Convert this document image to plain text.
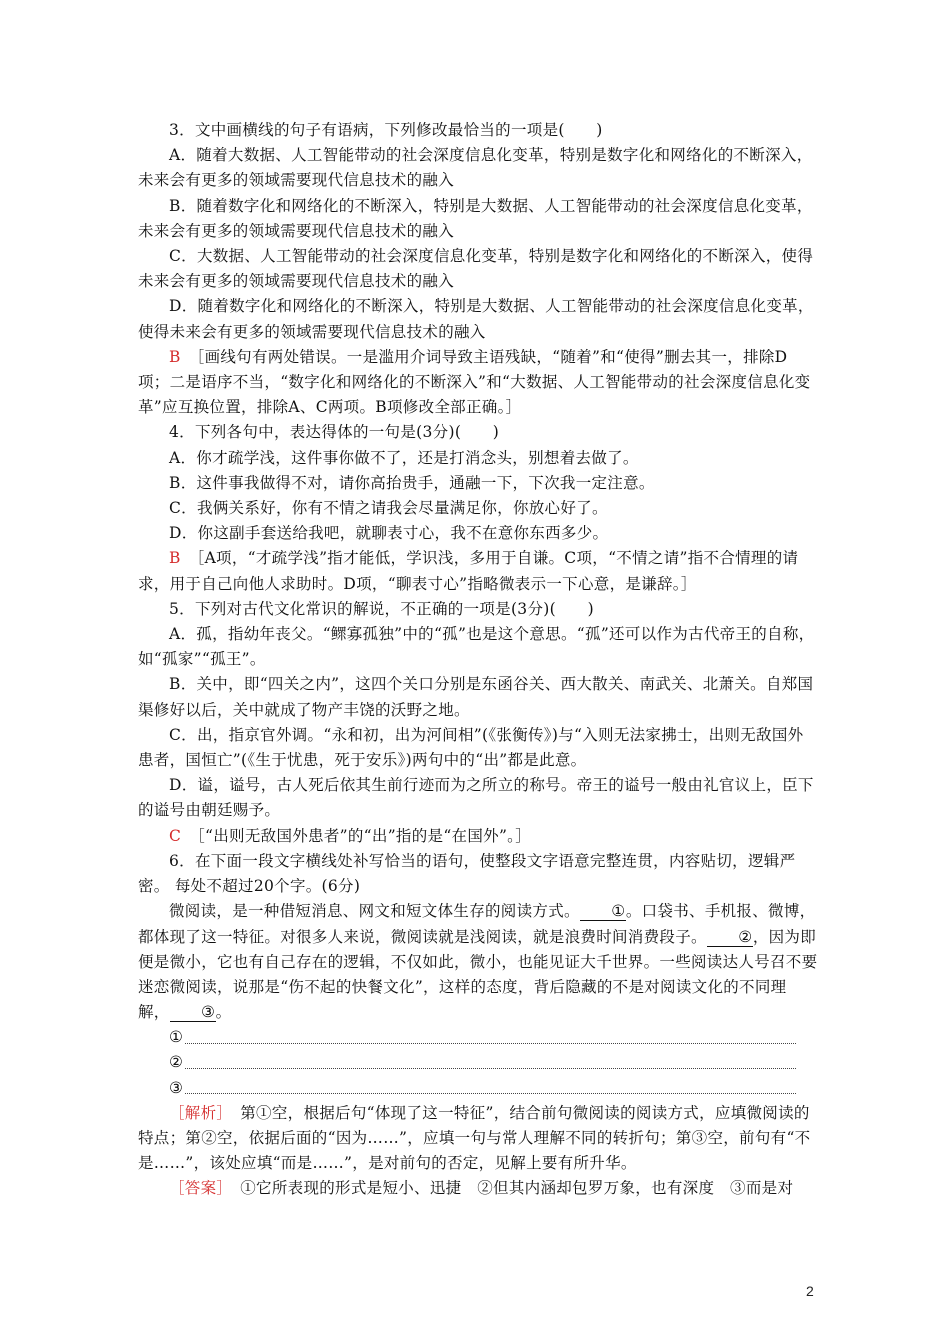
3．文中画横线的句子有语病，下列修改最恰当的一项是(　　)

A．随着大数据、人工智能带动的社会深度信息化变革，特别是数字化和网络化的不断深入，未来会有更多的领域需要现代信息技术的融入

B．随着数字化和网络化的不断深入，特别是大数据、人工智能带动的社会深度信息化变革，未来会有更多的领域需要现代信息技术的融入

C．大数据、人工智能带动的社会深度信息化变革，特别是数字化和网络化的不断深入，使得未来会有更多的领域需要现代信息技术的融入

D．随着数字化和网络化的不断深入，特别是大数据、人工智能带动的社会深度信息化变革，使得未来会有更多的领域需要现代信息技术的融入

B　 ［画线句有两处错误。一是滥用介词导致主语残缺，“随着”和“使得”删去其一，排除D项；二是语序不当，“数字化和网络化的不断深入”和“大数据、人工智能带动的社会深度信息化变革”应互换位置，排除A、C两项。B项修改全部正确。］

4．下列各句中，表达得体的一句是(3分)(　　)

A．你才疏学浅，这件事你做不了，还是打消念头，别想着去做了。

B．这件事我做得不对，请你高抬贵手，通融一下，下次我一定注意。

C．我俩关系好，你有不情之请我会尽量满足你，你放心好了。

D．你这副手套送给我吧，就聊表寸心，我不在意你东西多少。

B　 ［A项，“才疏学浅”指才能低，学识浅，多用于自谦。C项，“不情之请”指不合情理的请求，用于自己向他人求助时。D项，“聊表寸心”指略微表示一下心意，是谦辞。］

5．下列对古代文化常识的解说，不正确的一项是(3分)(　　)

A．孤，指幼年丧父。“鳏寡孤独”中的“孤”也是这个意思。“孤”还可以作为古代帝王的自称，如“孤家”“孤王”。

B．关中，即“四关之内”，这四个关口分别是东函谷关、西大散关、南武关、北萧关。自郑国渠修好以后，关中就成了物产丰饶的沃野之地。

C．出，指京官外调。“永和初，出为河间相”(《张衡传》)与“入则无法家拂士，出则无敌国外患者，国恒亡”(《生于忧患，死于安乐》)两句中的“出”都是此意。

D．谥，谥号，古人死后依其生前行迹而为之所立的称号。帝王的谥号一般由礼官议上，臣下的谥号由朝廷赐予。

C　 ［“出则无敌国外患者”的“出”指的是“在国外”。］

6．在下面一段文字横线处补写恰当的语句，使整段文字语意完整连贯，内容贴切，逻辑严密。 每处不超过20个字。(6分)

微阅读，是一种借短消息、网文和短文体生存的阅读方式。 ①。口袋书、手机报、微博，都体现了这一特征。对很多人来说，微阅读就是浅阅读，就是浪费时间消费段子。 ②，因为即便是微小，它也有自己存在的逻辑，不仅如此，微小，也能见证大千世界。一些阅读达人号召不要迷恋微阅读，说那是“伤不起的快餐文化”，这样的态度，背后隐藏的不是对阅读文化的不同理解， ③。

①
②
③

［解析］　第①空，根据后句“体现了这一特征”，结合前句微阅读的阅读方式，应填微阅读的特点；第②空，依据后面的“因为……”，应填一句与常人理解不同的转折句；第③空，前句有“不是……”，该处应填“而是……”，是对前句的否定，见解上要有所升华。

［答案］　①它所表现的形式是短小、迅捷　②但其内涵却包罗万象，也有深度　③而是对

2
